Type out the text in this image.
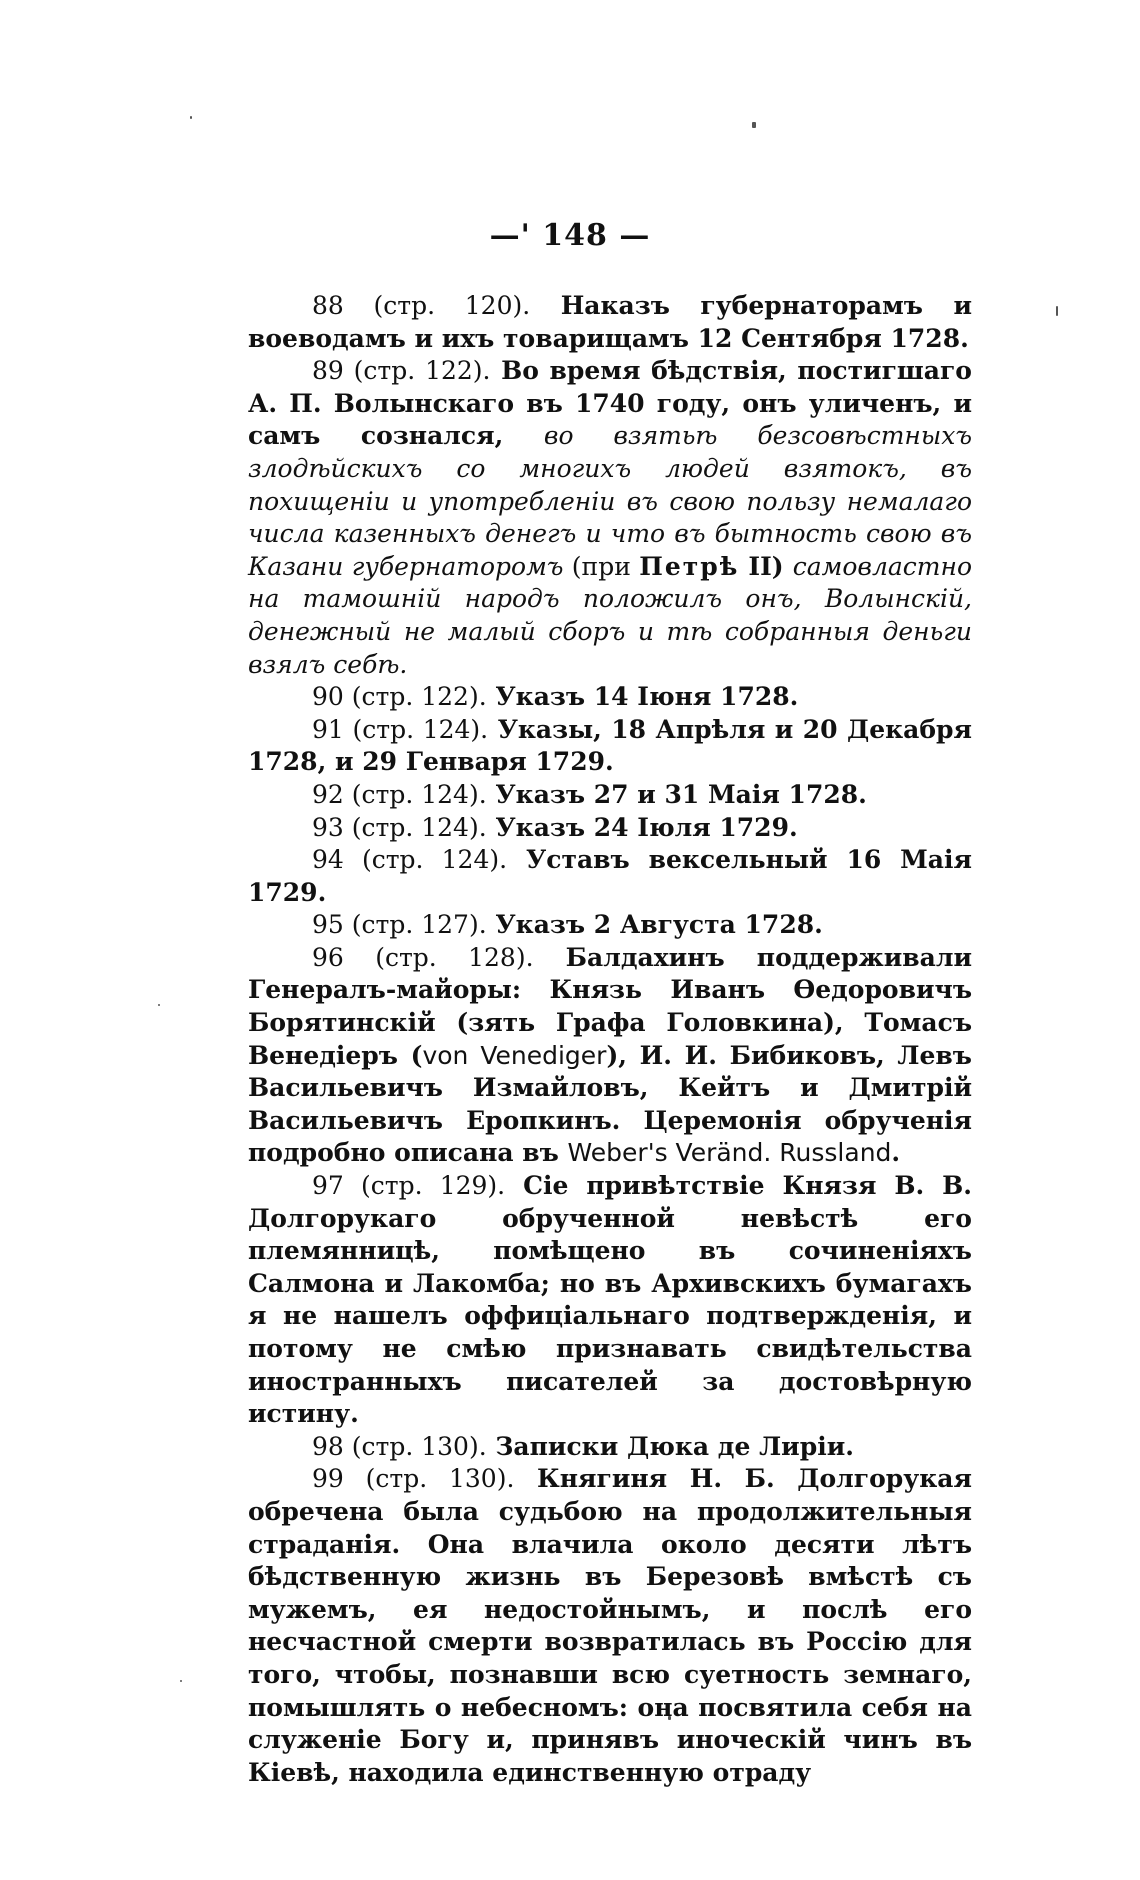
—' 148 —

88 (стр. 120). Наказъ губернаторамъ и воеводамъ и ихъ товарищамъ 12 Сентября 1728.

89 (стр. 122). Во время бѣдствія, постигшаго А. П. Волынскаго въ 1740 году, онъ уличенъ, и самъ сознался, во взятьѣ безсовѣстныхъ злодѣйскихъ со многихъ людей взятокъ, въ похищеніи и употребленіи въ свою пользу немалаго числа казенныхъ денегъ и что въ бытность свою въ Казани губернаторомъ (при Петрѣ II) самовластно на тамошній народъ положилъ онъ, Волынскій, денежный не малый сборъ и тѣ собранныя деньги взялъ себѣ.

90 (стр. 122). Указъ 14 Іюня 1728.

91 (стр. 124). Указы, 18 Апрѣля и 20 Декабря 1728, и 29 Генваря 1729.

92 (стр. 124). Указъ 27 и 31 Маія 1728.

93 (стр. 124). Указъ 24 Іюля 1729.

94 (стр. 124). Уставъ вексельный 16 Маія 1729.

95 (стр. 127). Указъ 2 Августа 1728.

96 (стр. 128). Балдахинъ поддерживали Генералъ-майоры: Князь Иванъ Ѳедоровичъ Борятинскій (зять Графа Головкина), Томасъ Венедіеръ (von Venediger), И. И. Бибиковъ, Левъ Васильевичъ Измайловъ, Кейтъ и Дмитрій Васильевичъ Еропкинъ. Церемонія обрученія подробно описана въ Weber's Veränd. Russland.

97 (стр. 129). Сіе привѣтствіе Князя В. В. Долгорукаго обрученной невѣстѣ его племянницѣ, помѣщено въ сочиненіяхъ Салмона и Лакомба; но въ Архивскихъ бумагахъ я не нашелъ оффиціальнаго подтвержденія, и потому не смѣю признавать свидѣтельства иностранныхъ писателей за достовѣрную истину.

98 (стр. 130). Записки Дюка де Лиріи.

99 (стр. 130). Княгиня Н. Б. Долгорукая обречена была судьбою на продолжительныя страданія. Она влачила около десяти лѣтъ бѣдственную жизнь въ Березовѣ вмѣстѣ съ мужемъ, ея недостойнымъ, и послѣ его несчастной смерти возвратилась въ Россію для того, чтобы, познавши всю суетность земнаго, помышлять о небесномъ: она посвятила себя на служеніе Богу и, принявъ иноческій чинъ въ Кіевѣ, находила единственную отраду
